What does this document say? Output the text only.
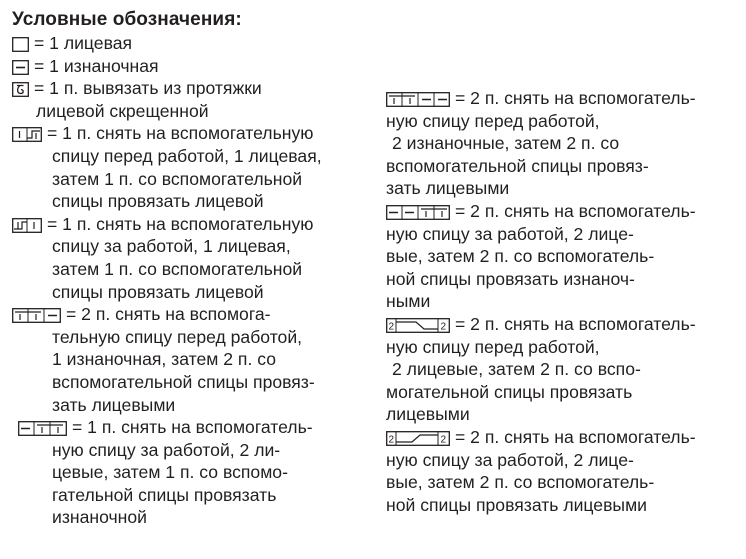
Условные обозначения:
= 1 лицевая
= 1 изнаночная
= 1 п. вывязать из протяжки
лицевой скрещенной
= 1 п. снять на вспомогательную
спицу перед работой, 1 лицевая,
затем 1 п. со вспомогательной
спицы провязать лицевой
= 1 п. снять на вспомогательную
спицу за работой, 1 лицевая,
затем 1 п. со вспомогательной
спицы провязать лицевой
= 2 п. снять на вспомога-
тельную спицу перед работой,
1 изнаночная, затем 2 п. со
вспомогательной спицы провяз-
зать лицевыми
= 1 п. снять на вспомогатель-
ную спицу за работой, 2 ли-
цевые, затем 1 п. со вспомо-
гательной спицы провязать
изнаночной
= 2 п. снять на вспомогатель-
ную спицу перед работой,
2 изнаночные, затем 2 п. со
вспомогательной спицы провяз-
зать лицевыми
= 2 п. снять на вспомогатель-
ную спицу за работой, 2 лице-
вые, затем 2 п. со вспомогатель-
ной спицы провязать изнаноч-
ными
2	2 = 2 п. снять на вспомогатель-
ную спицу перед работой,
2 лицевые, затем 2 п. со вспо-
могательной спицы провязать
лицевыми
2	2 = 2 п. снять на вспомогатель-
ную спицу за работой, 2 лице-
вые, затем 2 п. со вспомогатель-
ной спицы провязать лицевыми
